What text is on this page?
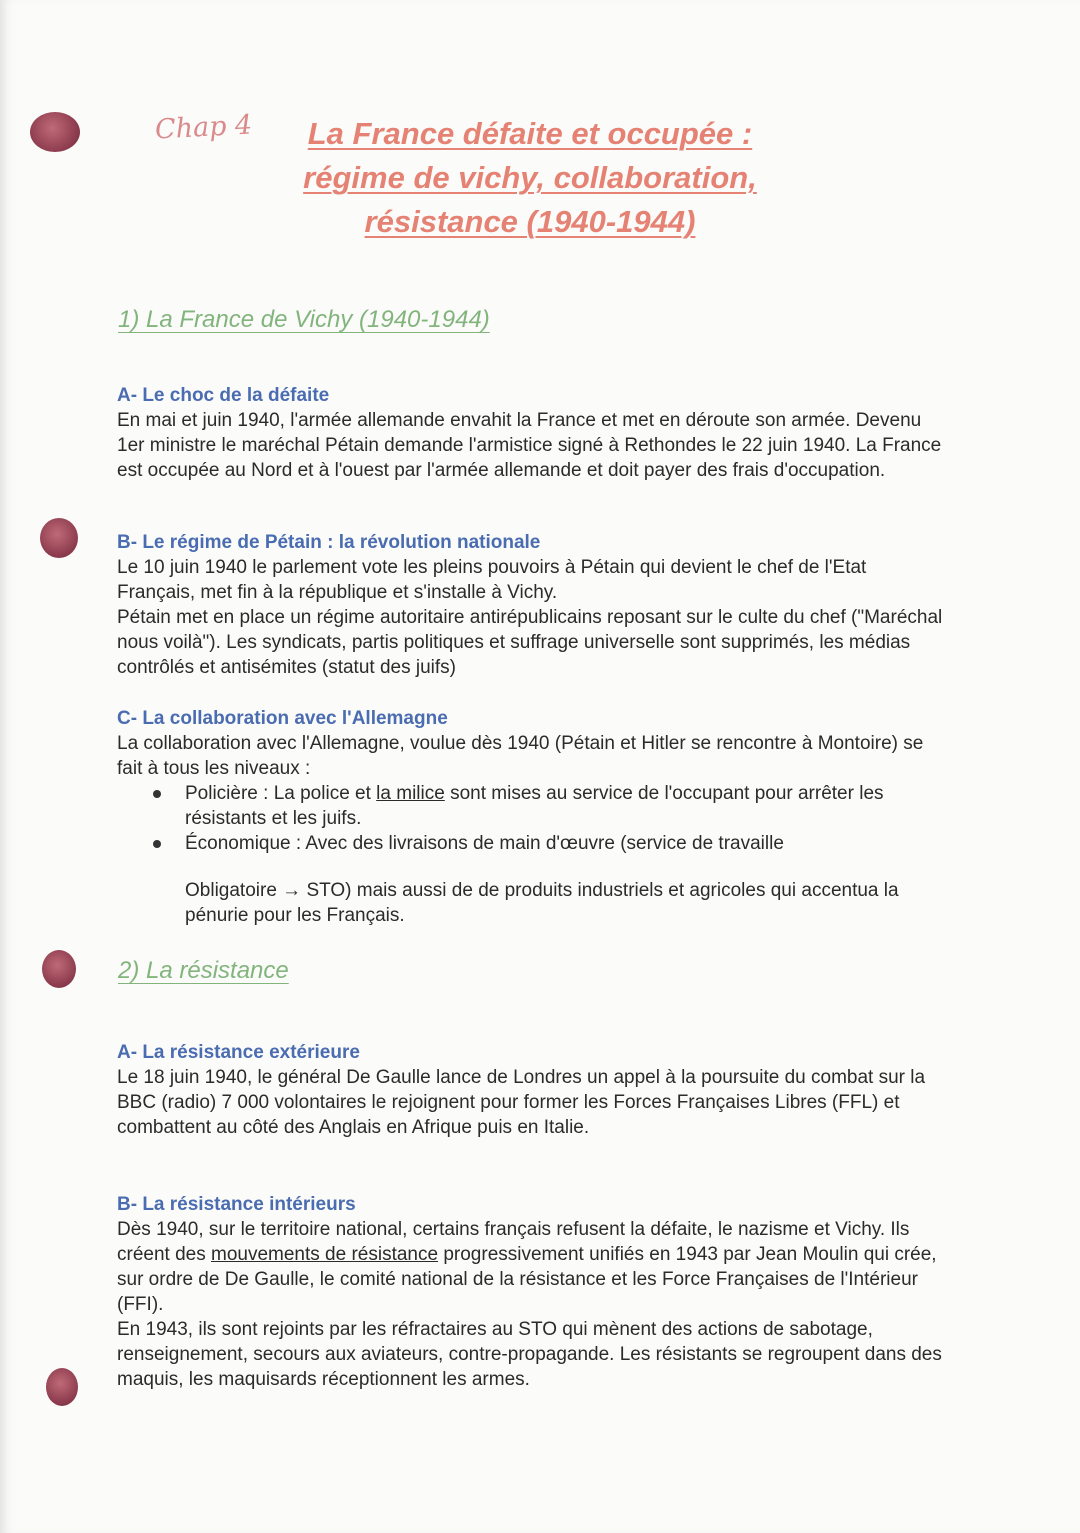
Chap 4	La France défaite et occupée :
régime de vichy, collaboration,
résistance (1940-1944)
1) La France de Vichy (1940-1944)
A- Le choc de la défaite

En mai et juin 1940, l'armée allemande envahit la France et met en déroute son armée. Devenu 1er ministre le maréchal Pétain demande l'armistice signé à Rethondes le 22 juin 1940. La France est occupée au Nord et à l'ouest par l'armée allemande et doit payer des frais d'occupation.

B- Le régime de Pétain : la révolution nationale

Le 10 juin 1940 le parlement vote les pleins pouvoirs à Pétain qui devient le chef de l'Etat Français, met fin à la république et s'installe à Vichy.

Pétain met en place un régime autoritaire antirépublicains reposant sur le culte du chef ("Maréchal nous voilà"). Les syndicats, partis politiques et suffrage universelle sont supprimés, les médias contrôlés et antisémites (statut des juifs)

C- La collaboration avec l'Allemagne

La collaboration avec l'Allemagne, voulue dès 1940 (Pétain et Hitler se rencontre à Montoire) se fait à tous les niveaux :

Policière : La police et la milice sont mises au service de l'occupant pour arrêter les résistants et les juifs.
Économique : Avec des livraisons de main d'œuvre (service de travaille

Obligatoire → STO) mais aussi de de produits industriels et agricoles qui accentua la pénurie pour les Français.

2) La résistance
A- La résistance extérieure

Le 18 juin 1940, le général De Gaulle lance de Londres un appel à la poursuite du combat sur la BBC (radio) 7 000 volontaires le rejoignent pour former les Forces Françaises Libres (FFL) et combattent au côté des Anglais en Afrique puis en Italie.

B- La résistance intérieurs

Dès 1940, sur le territoire national, certains français refusent la défaite, le nazisme et Vichy. Ils créent des mouvements de résistance progressivement unifiés en 1943 par Jean Moulin qui crée, sur ordre de De Gaulle, le comité national de la résistance et les Force Françaises de l'Intérieur (FFI).

En 1943, ils sont rejoints par les réfractaires au STO qui mènent des actions de sabotage, renseignement, secours aux aviateurs, contre-propagande. Les résistants se regroupent dans des maquis, les maquisards réceptionnent les armes.
